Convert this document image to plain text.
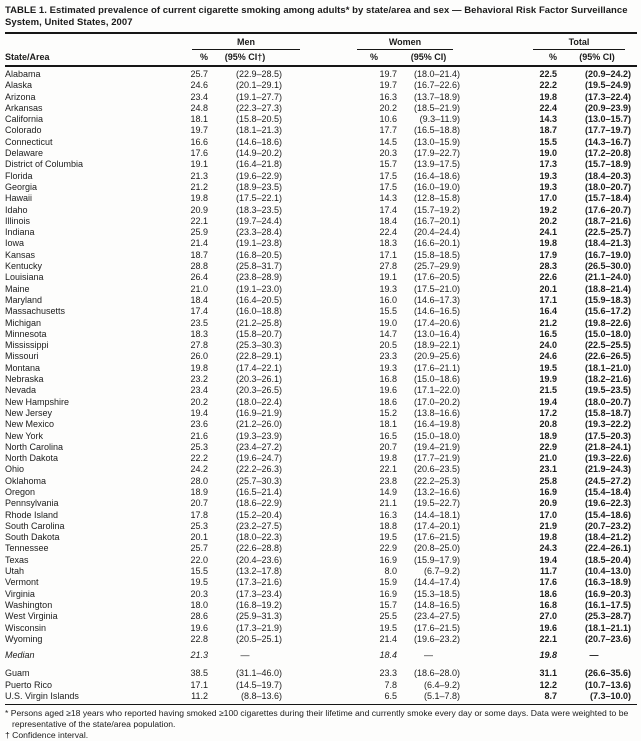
TABLE 1. Estimated prevalence of current cigarette smoking among adults* by state/area and sex — Behavioral Risk Factor Surveillance System, United States, 2007

	Men		Women		Total	

State/Area	%	(95% CI†)	%	(95% CI)	%	(95% CI)
Alabama	25.7	(22.9–28.5)	19.7	(18.0–21.4)	22.5	(20.9–24.2)
Alaska	24.6	(20.1–29.1)	19.7	(16.7–22.6)	22.2	(19.5–24.9)
Arizona	23.4	(19.1–27.7)	16.3	(13.7–18.9)	19.8	(17.3–22.4)
Arkansas	24.8	(22.3–27.3)	20.2	(18.5–21.9)	22.4	(20.9–23.9)
California	18.1	(15.8–20.5)	10.6	(9.3–11.9)	14.3	(13.0–15.7)
Colorado	19.7	(18.1–21.3)	17.7	(16.5–18.8)	18.7	(17.7–19.7)
Connecticut	16.6	(14.6–18.6)	14.5	(13.0–15.9)	15.5	(14.3–16.7)
Delaware	17.6	(14.9–20.2)	20.3	(17.9–22.7)	19.0	(17.2–20.8)
District of Columbia	19.1	(16.4–21.8)	15.7	(13.9–17.5)	17.3	(15.7–18.9)
Florida	21.3	(19.6–22.9)	17.5	(16.4–18.6)	19.3	(18.4–20.3)
Georgia	21.2	(18.9–23.5)	17.5	(16.0–19.0)	19.3	(18.0–20.7)
Hawaii	19.8	(17.5–22.1)	14.3	(12.8–15.8)	17.0	(15.7–18.4)
Idaho	20.9	(18.3–23.5)	17.4	(15.7–19.2)	19.2	(17.6–20.7)
Illinois	22.1	(19.7–24.4)	18.4	(16.7–20.1)	20.2	(18.7–21.6)
Indiana	25.9	(23.3–28.4)	22.4	(20.4–24.4)	24.1	(22.5–25.7)
Iowa	21.4	(19.1–23.8)	18.3	(16.6–20.1)	19.8	(18.4–21.3)
Kansas	18.7	(16.8–20.5)	17.1	(15.8–18.5)	17.9	(16.7–19.0)
Kentucky	28.8	(25.8–31.7)	27.8	(25.7–29.9)	28.3	(26.5–30.0)
Louisiana	26.4	(23.8–28.9)	19.1	(17.6–20.5)	22.6	(21.1–24.0)
Maine	21.0	(19.1–23.0)	19.3	(17.5–21.0)	20.1	(18.8–21.4)
Maryland	18.4	(16.4–20.5)	16.0	(14.6–17.3)	17.1	(15.9–18.3)
Massachusetts	17.4	(16.0–18.8)	15.5	(14.6–16.5)	16.4	(15.6–17.2)
Michigan	23.5	(21.2–25.8)	19.0	(17.4–20.6)	21.2	(19.8–22.6)
Minnesota	18.3	(15.8–20.7)	14.7	(13.0–16.4)	16.5	(15.0–18.0)
Mississippi	27.8	(25.3–30.3)	20.5	(18.9–22.1)	24.0	(22.5–25.5)
Missouri	26.0	(22.8–29.1)	23.3	(20.9–25.6)	24.6	(22.6–26.5)
Montana	19.8	(17.4–22.1)	19.3	(17.6–21.1)	19.5	(18.1–21.0)
Nebraska	23.2	(20.3–26.1)	16.8	(15.0–18.6)	19.9	(18.2–21.6)
Nevada	23.4	(20.3–26.5)	19.6	(17.1–22.0)	21.5	(19.5–23.5)
New Hampshire	20.2	(18.0–22.4)	18.6	(17.0–20.2)	19.4	(18.0–20.7)
New Jersey	19.4	(16.9–21.9)	15.2	(13.8–16.6)	17.2	(15.8–18.7)
New Mexico	23.6	(21.2–26.0)	18.1	(16.4–19.8)	20.8	(19.3–22.2)
New York	21.6	(19.3–23.9)	16.5	(15.0–18.0)	18.9	(17.5–20.3)
North Carolina	25.3	(23.4–27.2)	20.7	(19.4–21.9)	22.9	(21.8–24.1)
North Dakota	22.2	(19.6–24.7)	19.8	(17.7–21.9)	21.0	(19.3–22.6)
Ohio	24.2	(22.2–26.3)	22.1	(20.6–23.5)	23.1	(21.9–24.3)
Oklahoma	28.0	(25.7–30.3)	23.8	(22.2–25.3)	25.8	(24.5–27.2)
Oregon	18.9	(16.5–21.4)	14.9	(13.2–16.6)	16.9	(15.4–18.4)
Pennsylvania	20.7	(18.6–22.9)	21.1	(19.5–22.7)	20.9	(19.6–22.3)
Rhode Island	17.8	(15.2–20.4)	16.3	(14.4–18.1)	17.0	(15.4–18.6)
South Carolina	25.3	(23.2–27.5)	18.8	(17.4–20.1)	21.9	(20.7–23.2)
South Dakota	20.1	(18.0–22.3)	19.5	(17.6–21.5)	19.8	(18.4–21.2)
Tennessee	25.7	(22.6–28.8)	22.9	(20.8–25.0)	24.3	(22.4–26.1)
Texas	22.0	(20.4–23.6)	16.9	(15.9–17.9)	19.4	(18.5–20.4)
Utah	15.5	(13.2–17.8)	8.0	(6.7–9.2)	11.7	(10.4–13.0)
Vermont	19.5	(17.3–21.6)	15.9	(14.4–17.4)	17.6	(16.3–18.9)
Virginia	20.3	(17.3–23.4)	16.9	(15.3–18.5)	18.6	(16.9–20.3)
Washington	18.0	(16.8–19.2)	15.7	(14.8–16.5)	16.8	(16.1–17.5)
West Virginia	28.6	(25.9–31.3)	25.5	(23.4–27.5)	27.0	(25.3–28.7)
Wisconsin	19.6	(17.3–21.9)	19.5	(17.6–21.5)	19.6	(18.1–21.1)
Wyoming	22.8	(20.5–25.1)	21.4	(19.6–23.2)	22.1	(20.7–23.6)
Median	21.3	—	18.4	—	19.8	—
Guam	38.5	(31.1–46.0)	23.3	(18.6–28.0)	31.1	(26.6–35.6)
Puerto Rico	17.1	(14.5–19.7)	7.8	(6.4–9.2)	12.2	(10.7–13.6)
U.S. Virgin Islands	11.2	(8.8–13.6)	6.5	(5.1–7.8)	8.7	(7.3–10.0)
* Persons aged ≥18 years who reported having smoked ≥100 cigarettes during their lifetime and currently smoke every day or some days. Data were weighted to be representative of the state/area population.
† Confidence interval.
